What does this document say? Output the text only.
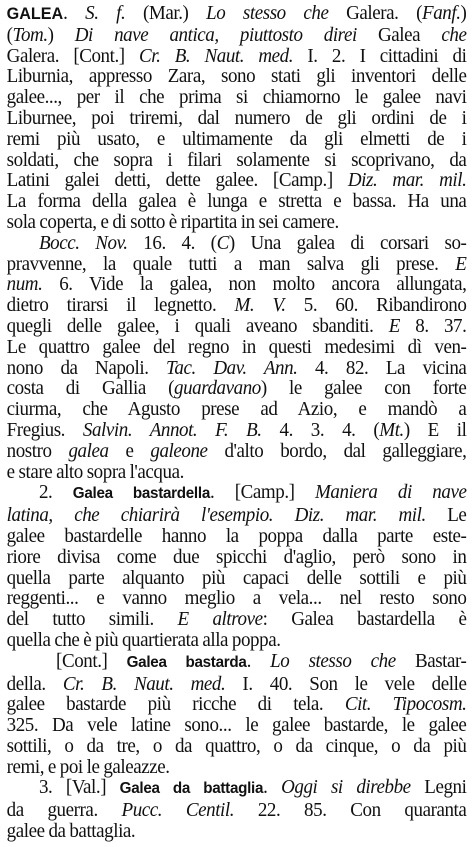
GALEA. S. f. (Mar.) Lo stesso che Galera. (Fanf.)
(Tom.) Di nave antica, piuttosto direi Galea che
Galera. [Cont.] Cr. B. Naut. med. I. 2. I cittadini di
Liburnia, appresso Zara, sono stati gli inventori delle
galee..., per il che prima si chiamorno le galee navi
Liburnee, poi triremi, dal numero de gli ordini de i
remi più usato, e ultimamente da gli elmetti de i
soldati, che sopra i filari solamente si scoprivano, da
Latini galei detti, dette galee. [Camp.] Diz. mar. mil.
La forma della galea è lunga e stretta e bassa. Ha una
sola coperta, e di sotto è ripartita in sei camere.
Bocc. Nov. 16. 4. (C) Una galea di corsari so-
pravvenne, la quale tutti a man salva gli prese. E
num. 6. Vide la galea, non molto ancora allungata,
dietro tirarsi il legnetto. M. V. 5. 60. Ribandirono
quegli delle galee, i quali aveano sbanditi. E 8. 37.
Le quattro galee del regno in questi medesimi dì ven-
nono da Napoli. Tac. Dav. Ann. 4. 82. La vicina
costa di Gallia (guardavano) le galee con forte
ciurma, che Agusto prese ad Azio, e mandò a
Fregius. Salvin. Annot. F. B. 4. 3. 4. (Mt.) E il
nostro galea e galeone d'alto bordo, dal galleggiare,
e stare alto sopra l'acqua.
2. Galea bastardella. [Camp.] Maniera di nave
latina, che chiarirà l'esempio. Diz. mar. mil. Le
galee bastardelle hanno la poppa dalla parte este-
riore divisa come due spicchi d'aglio, però sono in
quella parte alquanto più capaci delle sottili e più
reggenti... e vanno meglio a vela... nel resto sono
del tutto simili. E altrove: Galea bastardella è
quella che è più quartierata alla poppa.
[Cont.] Galea bastarda. Lo stesso che Bastar-
della. Cr. B. Naut. med. I. 40. Son le vele delle
galee bastarde più ricche di tela. Cit. Tipocosm.
325. Da vele latine sono... le galee bastarde, le galee
sottili, o da tre, o da quattro, o da cinque, o da più
remi, e poi le galeazze.
3. [Val.] Galea da battaglia. Oggi si direbbe Legni
da guerra. Pucc. Centil. 22. 85. Con quaranta
galee da battaglia.
